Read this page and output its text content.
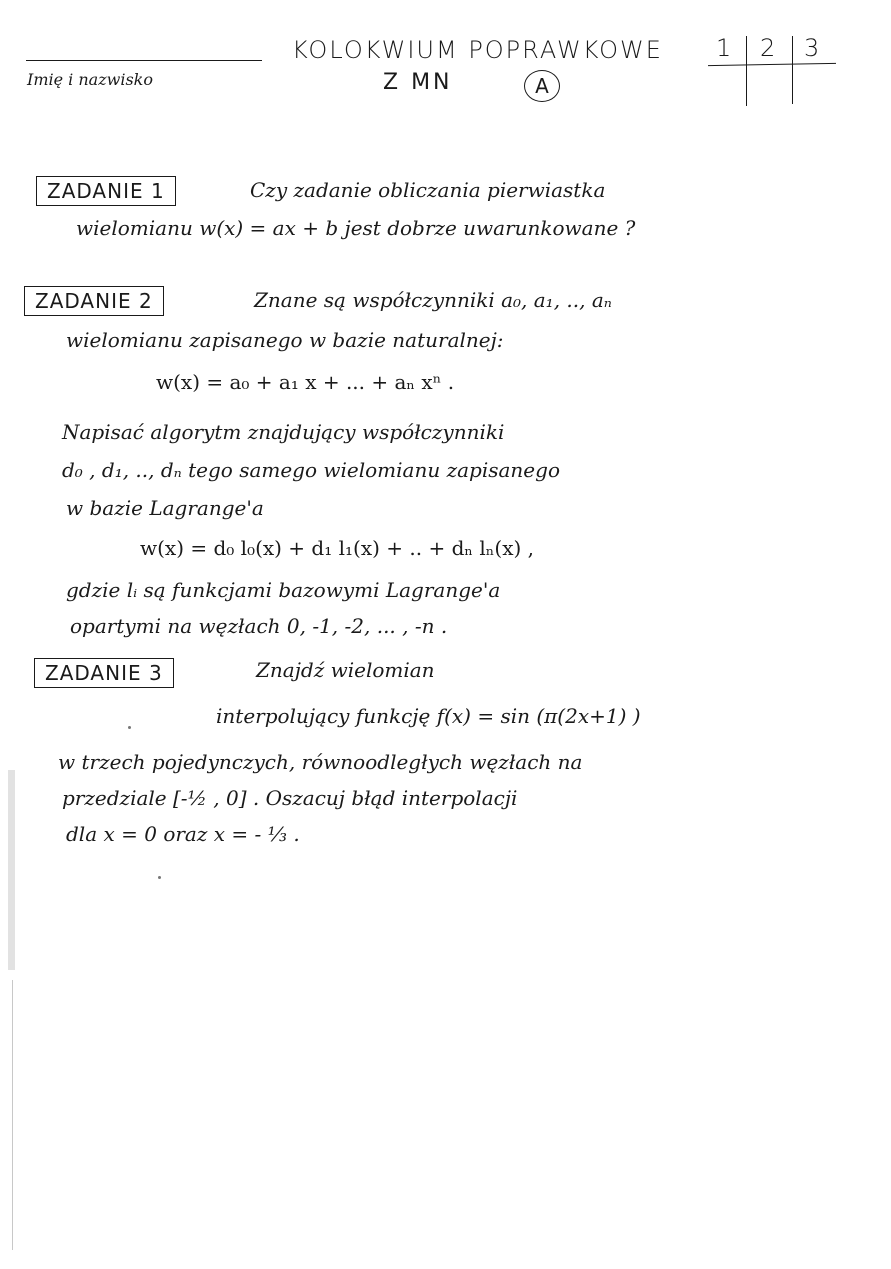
Imię i nazwisko
KOLOKWIUM POPRAWKOWE
Z MN	A
1 2 3
ZADANIE 1	Czy zadanie obliczania pierwiastka
wielomianu w(x) = ax + b jest dobrze uwarunkowane ?
ZADANIE 2	Znane są współczynniki a₀, a₁, .., aₙ
wielomianu zapisanego w bazie naturalnej:
w(x) = a₀ + a₁ x + ... + aₙ xⁿ .
Napisać algorytm znajdujący współczynniki
d₀ , d₁, .., dₙ tego samego wielomianu zapisanego
w bazie Lagrange'a
w(x) = d₀ l₀(x) + d₁ l₁(x) + .. + dₙ lₙ(x) ,
gdzie lᵢ są funkcjami bazowymi Lagrange'a
opartymi na węzłach 0, -1, -2, ... , -n .
ZADANIE 3	Znajdź wielomian
interpolujący funkcję f(x) = sin (π(2x+1) )
w trzech pojedynczych, równoodległych węzłach na
przedziale [-½ , 0] . Oszacuj błąd interpolacji
dla x = 0 oraz x = - ⅓ .
